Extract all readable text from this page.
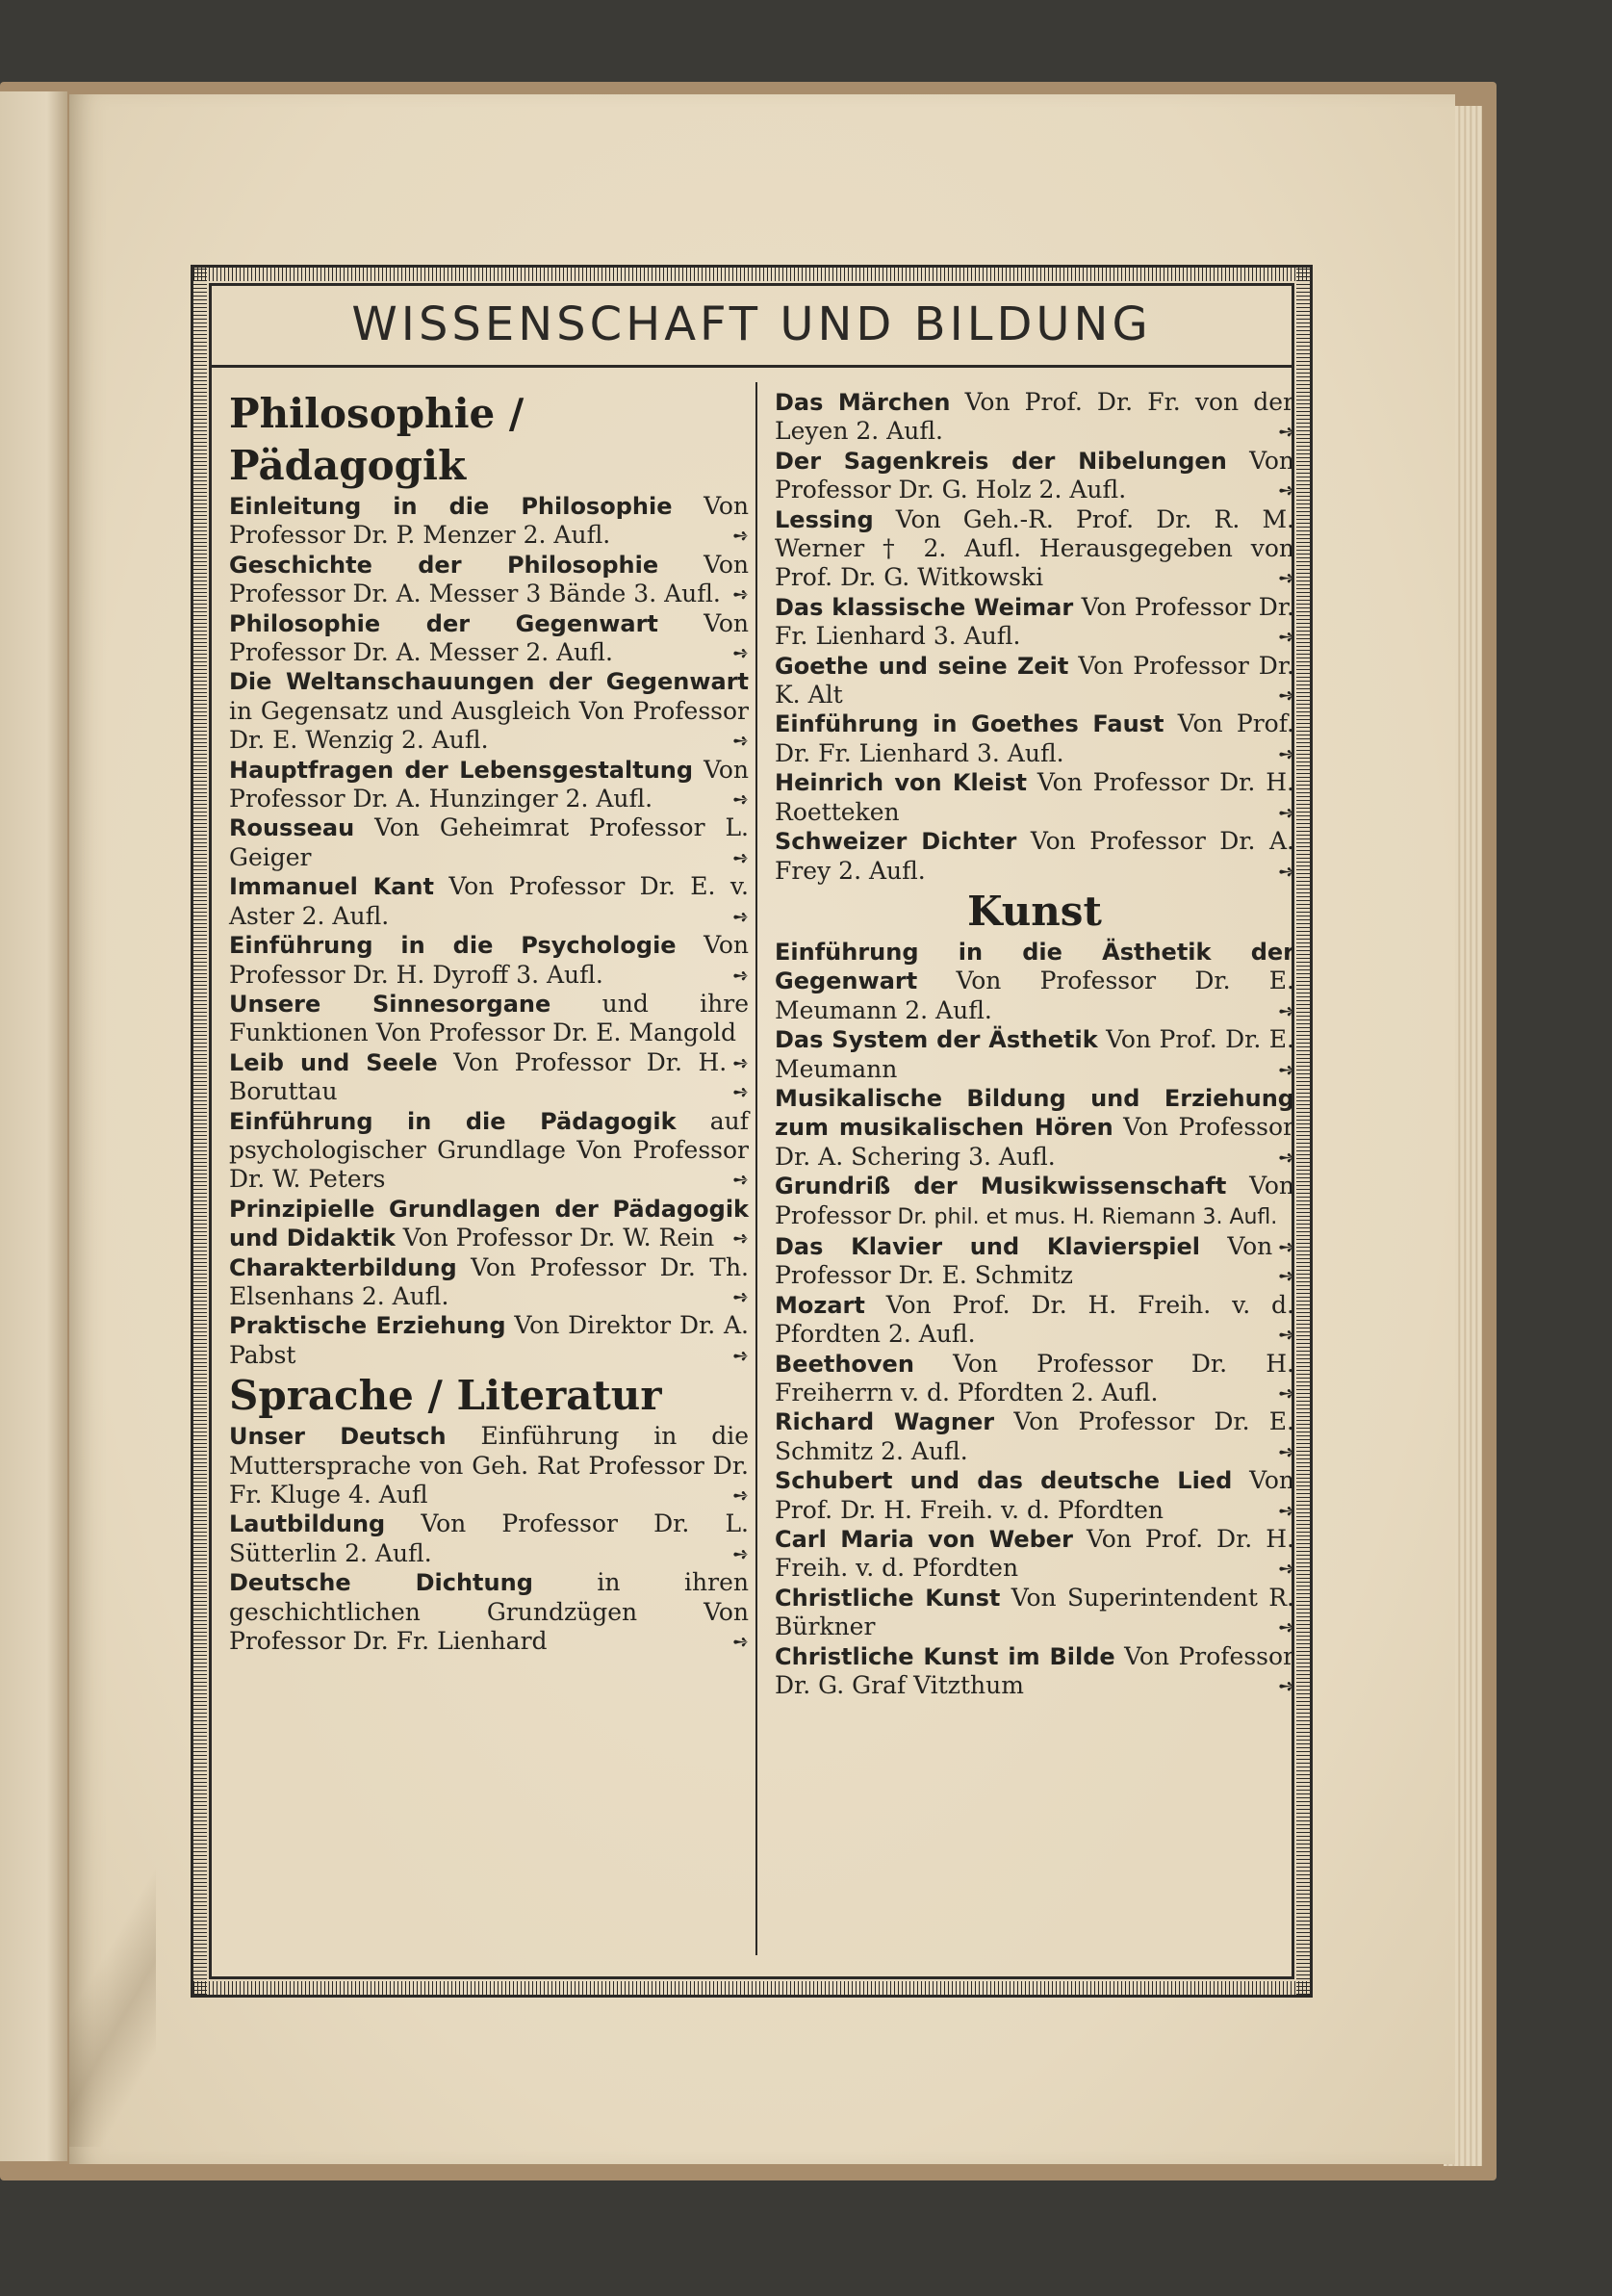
WISSENSCHAFT UND BILDUNG
Philosophie / Pädagogik

Einleitung in die Philosophie Von Professor Dr. P. Menzer 2. Aufl.	➺

Geschichte der Philosophie Von Professor Dr. A. Messer 3 Bände 3. Aufl. ➺

Philosophie der Gegenwart Von Professor Dr. A. Messer 2. Aufl.	➺

Die Weltanschauungen der Gegenwart in Gegensatz und Ausgleich Von Professor Dr. E. Wenzig 2. Aufl.	➺

Hauptfragen der Lebensgestaltung Von Professor Dr. A. Hunzinger 2. Aufl.	➺

Rousseau Von Geheimrat Professor L. Geiger	➺

Immanuel Kant Von Professor Dr. E. v. Aster 2. Aufl.	➺

Einführung in die Psychologie Von Professor Dr. H. Dyroff 3. Aufl.	➺

Unsere Sinnesorgane und ihre Funktionen Von Professor Dr. E. Mangold
➺

Leib und Seele Von Professor Dr. H. Boruttau	➺

Einführung in die Pädagogik auf psychologischer Grundlage Von Professor Dr. W. Peters	➺

Prinzipielle Grundlagen der Pädagogik und Didaktik Von Professor Dr. W. Rein ➺

Charakterbildung Von Professor Dr. Th. Elsenhans 2. Aufl.	➺

Praktische Erziehung Von Direktor Dr. A. Pabst	➺

Sprache / Literatur

Unser Deutsch Einführung in die Muttersprache von Geh. Rat Professor Dr. Fr. Kluge 4. Aufl	➺

Lautbildung Von Professor Dr. L. Sütterlin 2. Aufl.	➺

Deutsche Dichtung in ihren geschichtlichen Grundzügen Von Professor Dr. Fr. Lienhard	➺

Das Märchen Von Prof. Dr. Fr. von der Leyen 2. Aufl.	➺

Der Sagenkreis der Nibelungen Von Professor Dr. G. Holz 2. Aufl.	➺

Lessing Von Geh.-R. Prof. Dr. R. M. Werner † 2. Aufl. Herausgegeben von Prof. Dr. G. Witkowski	➺

Das klassische Weimar Von Professor Dr. Fr. Lienhard 3. Aufl.	➺

Goethe und seine Zeit Von Professor Dr. K. Alt	➺

Einführung in Goethes Faust Von Prof. Dr. Fr. Lienhard 3. Aufl.	➺

Heinrich von Kleist Von Professor Dr. H. Roetteken	➺

Schweizer Dichter Von Professor Dr. A. Frey 2. Aufl.	➺

Kunst

Einführung in die Ästhetik der Gegenwart Von Professor Dr. E. Meumann 2. Aufl.	➺

Das System der Ästhetik Von Prof. Dr. E. Meumann	➺

Musikalische Bildung und Erziehung zum musikalischen Hören Von Professor Dr. A. Schering 3. Aufl.	➺

Grundriß der Musikwissenschaft Von Professor Dr. phil. et mus. H. Riemann 3. Aufl.
➺

Das Klavier und Klavierspiel Von Professor Dr. E. Schmitz	➺

Mozart Von Prof. Dr. H. Freih. v. d. Pfordten 2. Aufl.	➺

Beethoven Von Professor Dr. H. Freiherrn v. d. Pfordten 2. Aufl.	➺

Richard Wagner Von Professor Dr. E. Schmitz 2. Aufl.	➺

Schubert und das deutsche Lied Von Prof. Dr. H. Freih. v. d. Pfordten	➺

Carl Maria von Weber Von Prof. Dr. H. Freih. v. d. Pfordten	➺

Christliche Kunst Von Superintendent R. Bürkner	➺

Christliche Kunst im Bilde Von Professor Dr. G. Graf Vitzthum	➺
